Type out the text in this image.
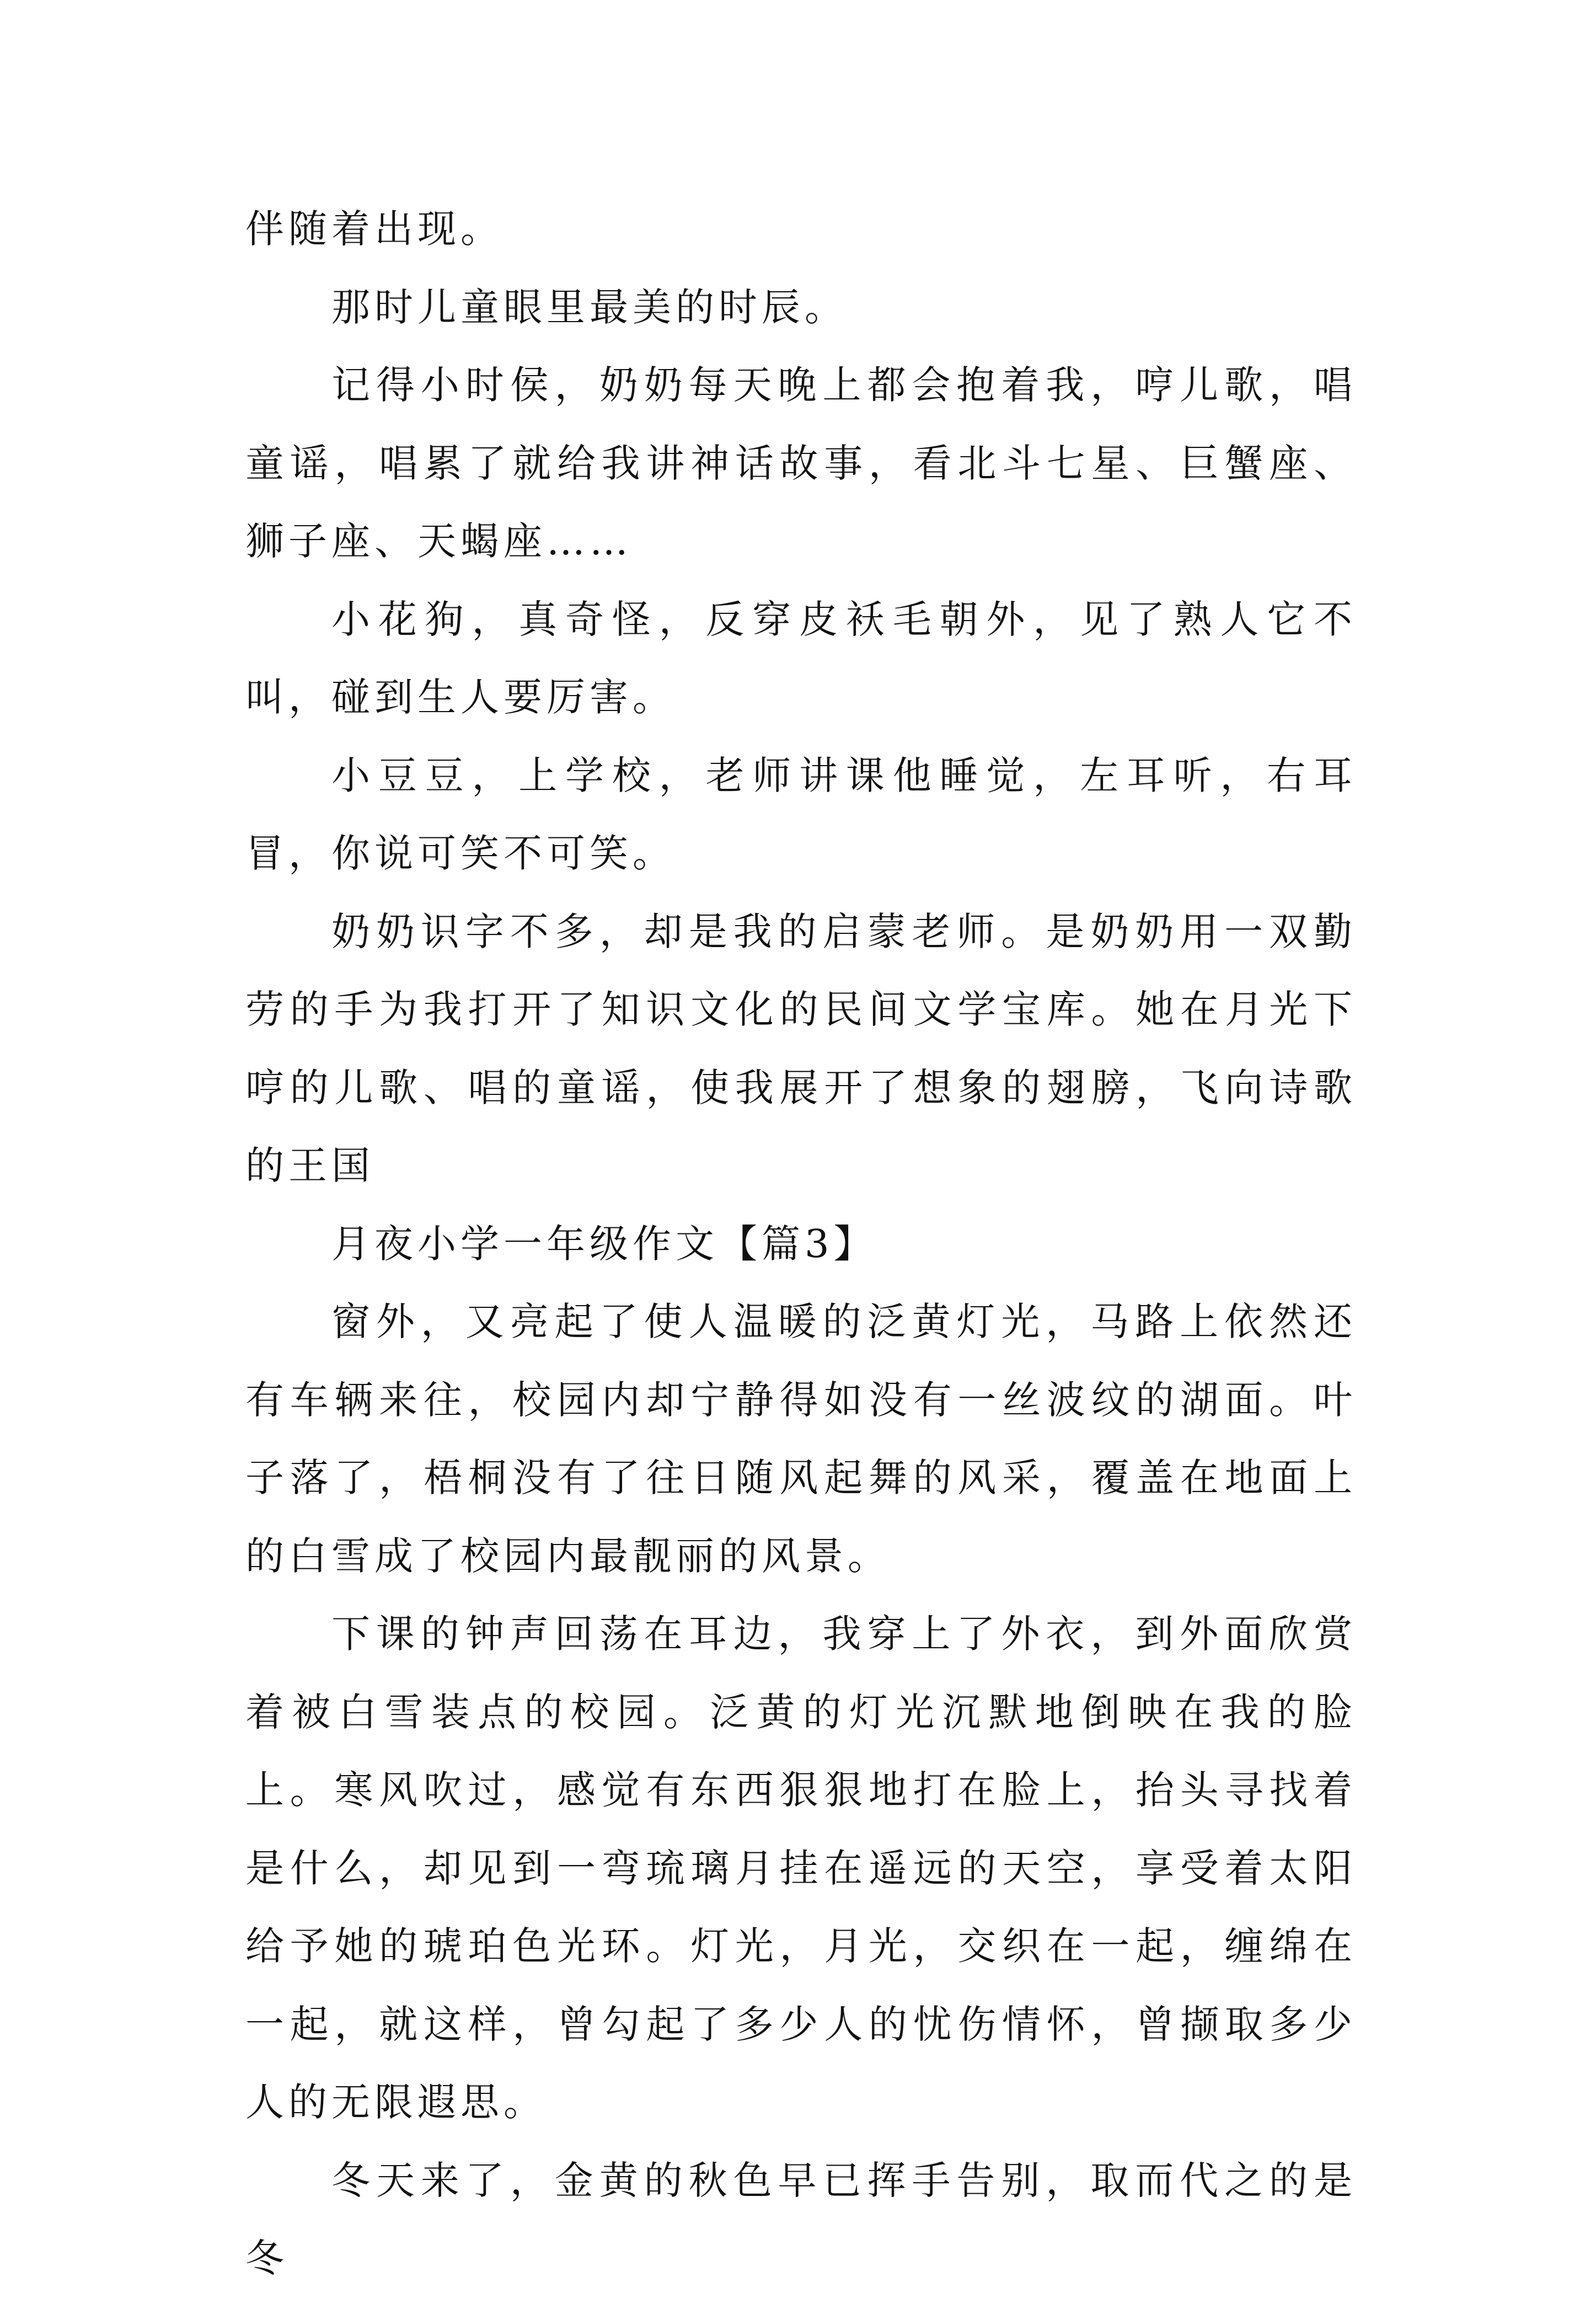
伴随着出现。

那时儿童眼里最美的时辰。

记得小时侯，奶奶每天晚上都会抱着我，哼儿歌，唱童谣，唱累了就给我讲神话故事，看北斗七星、巨蟹座、狮子座、天蝎座……

小花狗，真奇怪，反穿皮袄毛朝外，见了熟人它不叫，碰到生人要厉害。

小豆豆，上学校，老师讲课他睡觉，左耳听，右耳冒，你说可笑不可笑。

奶奶识字不多，却是我的启蒙老师。是奶奶用一双勤劳的手为我打开了知识文化的民间文学宝库。她在月光下哼的儿歌、唱的童谣，使我展开了想象的翅膀，飞向诗歌的王国

月夜小学一年级作文【篇3】

窗外，又亮起了使人温暖的泛黄灯光，马路上依然还有车辆来往，校园内却宁静得如没有一丝波纹的湖面。叶子落了，梧桐没有了往日随风起舞的风采，覆盖在地面上的白雪成了校园内最靓丽的风景。

下课的钟声回荡在耳边，我穿上了外衣，到外面欣赏着被白雪装点的校园。泛黄的灯光沉默地倒映在我的脸上。寒风吹过，感觉有东西狠狠地打在脸上，抬头寻找着是什么，却见到一弯琉璃月挂在遥远的天空，享受着太阳给予她的琥珀色光环。灯光，月光，交织在一起，缠绵在一起，就这样，曾勾起了多少人的忧伤情怀，曾撷取多少人的无限遐思。

冬天来了，金黄的秋色早已挥手告别，取而代之的是冬
